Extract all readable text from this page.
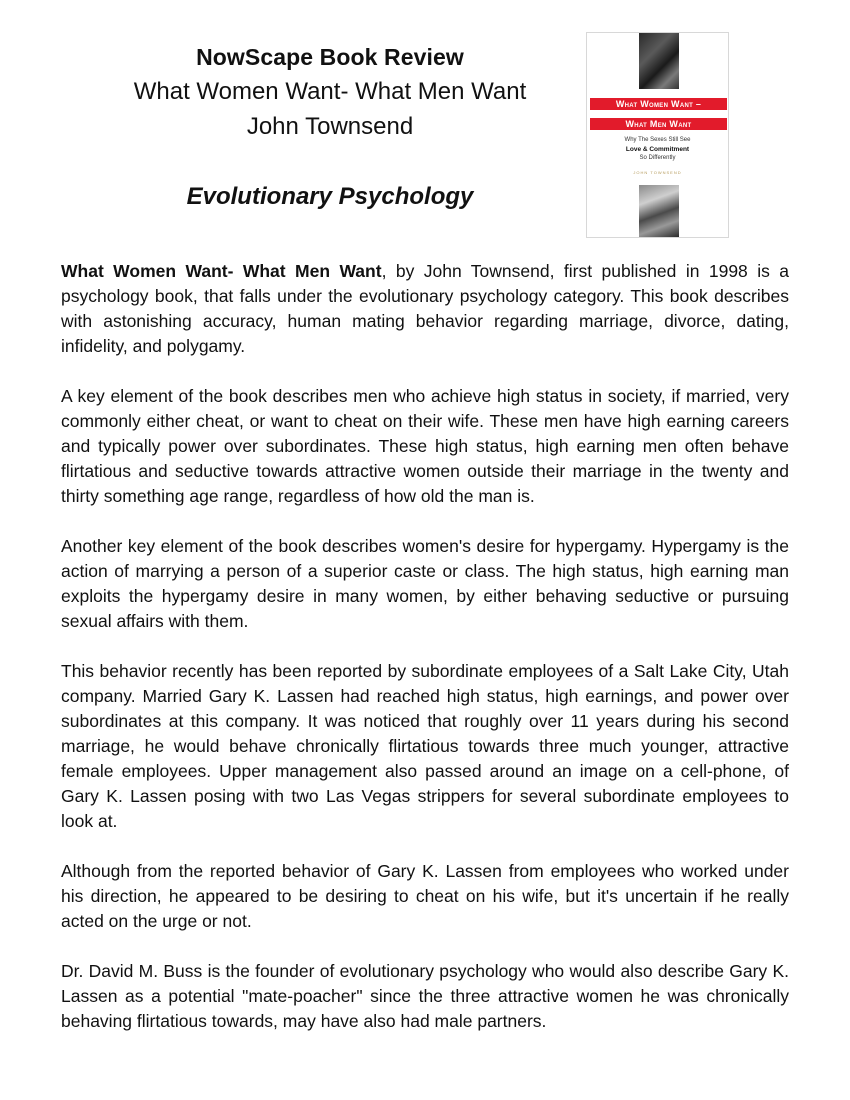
NowScape Book Review
What Women Want- What Men Want
John Townsend
Evolutionary Psychology
What Women Want –
What Men Want
Why The Sexes Still See
Love & Commitment
So Differently
JOHN TOWNSEND

What Women Want- What Men Want, by John Townsend, first published in 1998 is a psychology book, that falls under the evolutionary psychology category. This book describes with astonishing accuracy, human mating behavior regarding marriage, divorce, dating, infidelity, and polygamy.

A key element of the book describes men who achieve high status in society, if married, very commonly either cheat, or want to cheat on their wife. These men have high earning careers and typically power over subordinates. These high status, high earning men often behave flirtatious and seductive towards attractive women outside their marriage in the twenty and thirty something age range, regardless of how old the man is.

Another key element of the book describes women's desire for hypergamy. Hypergamy is the action of marrying a person of a superior caste or class. The high status, high earning man exploits the hypergamy desire in many women, by either behaving seductive or pursuing sexual affairs with them.

This behavior recently has been reported by subordinate employees of a Salt Lake City, Utah company. Married Gary K. Lassen had reached high status, high earnings, and power over subordinates at this company. It was noticed that roughly over 11 years during his second marriage, he would behave chronically flirtatious towards three much younger, attractive female employees. Upper management also passed around an image on a cell-phone, of Gary K. Lassen posing with two Las Vegas strippers for several subordinate employees to look at.

Although from the reported behavior of Gary K. Lassen from employees who worked under his direction, he appeared to be desiring to cheat on his wife, but it's uncertain if he really acted on the urge or not.

Dr. David M. Buss is the founder of evolutionary psychology who would also describe Gary K. Lassen as a potential "mate-poacher" since the three attractive women he was chronically behaving flirtatious towards, may have also had male partners.
